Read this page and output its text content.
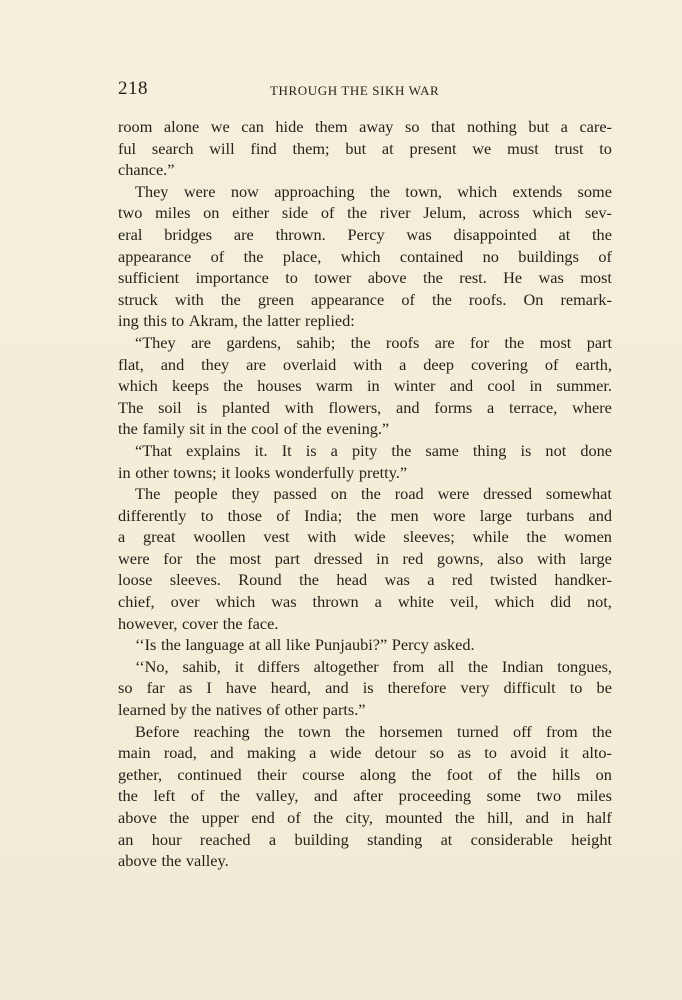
218	THROUGH THE SIKH WAR
room alone we can hide them away so that nothing but a care-
ful search will find them; but at present we must trust to
chance.”
They were now approaching the town, which extends some
two miles on either side of the river Jelum, across which sev-
eral bridges are thrown. Percy was disappointed at the
appearance of the place, which contained no buildings of
sufficient importance to tower above the rest. He was most
struck with the green appearance of the roofs. On remark-
ing this to Akram, the latter replied:
“They are gardens, sahib; the roofs are for the most part
flat, and they are overlaid with a deep covering of earth,
which keeps the houses warm in winter and cool in summer.
The soil is planted with flowers, and forms a terrace, where
the family sit in the cool of the evening.”
“That explains it. It is a pity the same thing is not done
in other towns; it looks wonderfully pretty.”
The people they passed on the road were dressed somewhat
differently to those of India; the men wore large turbans and
a great woollen vest with wide sleeves; while the women
were for the most part dressed in red gowns, also with large
loose sleeves. Round the head was a red twisted handker-
chief, over which was thrown a white veil, which did not,
however, cover the face.
‘‘Is the language at all like Punjaubi?” Percy asked.
‘‘No, sahib, it differs altogether from all the Indian tongues,
so far as I have heard, and is therefore very difficult to be
learned by the natives of other parts.”
Before reaching the town the horsemen turned off from the
main road, and making a wide detour so as to avoid it alto-
gether, continued their course along the foot of the hills on
the left of the valley, and after proceeding some two miles
above the upper end of the city, mounted the hill, and in half
an hour reached a building standing at considerable height
above the valley.
